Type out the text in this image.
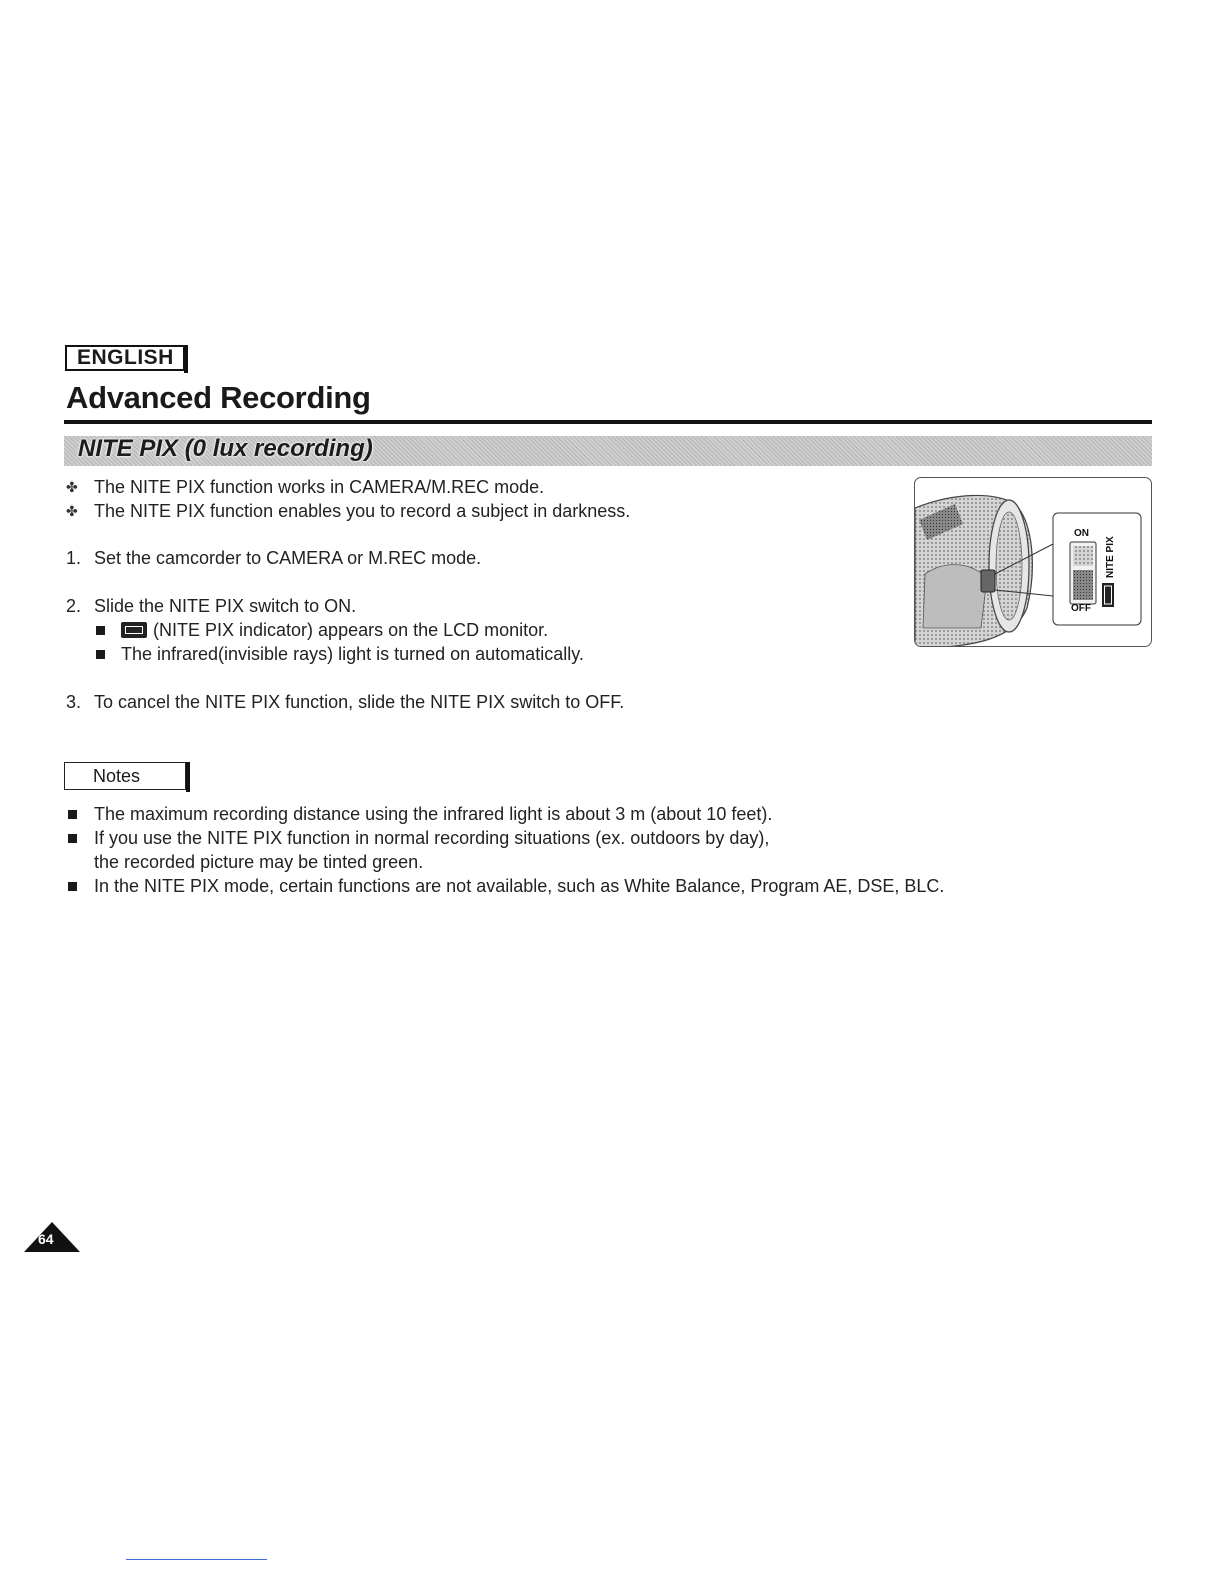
ENGLISH
Advanced Recording
NITE PIX (0 lux recording)
✤ The NITE PIX function works in CAMERA/M.REC mode.
✤ The NITE PIX function enables you to record a subject in darkness.
1. Set the camcorder to CAMERA or M.REC mode.
2. Slide the NITE PIX switch to ON.
(NITE PIX indicator) appears on the LCD monitor.
The infrared(invisible rays) light is turned on automatically.
3. To cancel the NITE PIX function, slide the NITE PIX switch to OFF.
ON
OFF
NITE PIX
Notes
The maximum recording distance using the infrared light is about 3 m (about 10 feet).
If you use the NITE PIX function in normal recording situations (ex. outdoors by day),
the recorded picture may be tinted green.
In the NITE PIX mode, certain functions are not available, such as White Balance, Program AE, DSE, BLC.
64
